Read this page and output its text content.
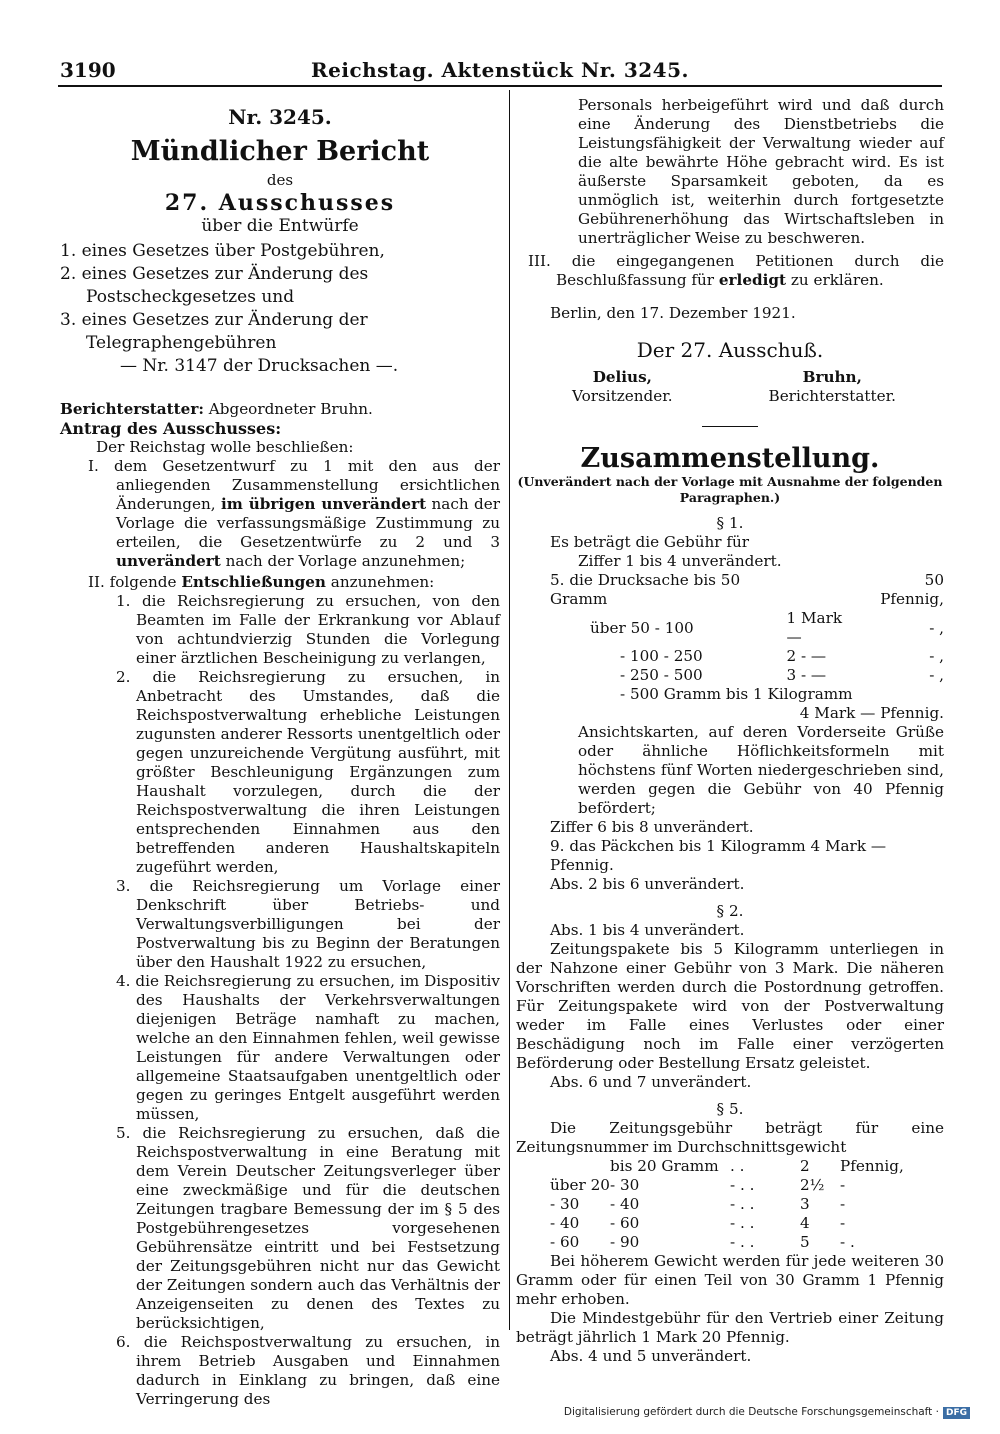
3190	Reichstag. Aktenstück Nr. 3245.
Nr. 3245.
Mündlicher Bericht
des
27. Ausschusses
über die Entwürfe
1. eines Gesetzes über Postgebühren,
2. eines Gesetzes zur Änderung des Postscheckgesetzes und
3. eines Gesetzes zur Änderung der Telegraphengebühren
— Nr. 3147 der Drucksachen —.
Berichterstatter: Abgeordneter Bruhn.
Antrag des Ausschusses:
Der Reichstag wolle beschließen:
I. dem Gesetzentwurf zu 1 mit den aus der anliegenden Zusammenstellung ersichtlichen Änderungen, im übrigen unverändert nach der Vorlage die verfassungsmäßige Zustimmung zu erteilen, die Gesetzentwürfe zu 2 und 3 unverändert nach der Vorlage anzunehmen;
II. folgende Entschließungen anzunehmen:
1. die Reichsregierung zu ersuchen, von den Beamten im Falle der Erkrankung vor Ablauf von achtundvierzig Stunden die Vorlegung einer ärztlichen Bescheinigung zu verlangen,
2. die Reichsregierung zu ersuchen, in Anbetracht des Umstandes, daß die Reichspostverwaltung erhebliche Leistungen zugunsten anderer Ressorts unentgeltlich oder gegen unzureichende Vergütung ausführt, mit größter Beschleunigung Ergänzungen zum Haushalt vorzulegen, durch die der Reichspostverwaltung die ihren Leistungen entsprechenden Einnahmen aus den betreffenden anderen Haushaltskapiteln zugeführt werden,
3. die Reichsregierung um Vorlage einer Denkschrift über Betriebs- und Verwaltungsverbilligungen bei der Postverwaltung bis zu Beginn der Beratungen über den Haushalt 1922 zu ersuchen,
4. die Reichsregierung zu ersuchen, im Dispositiv des Haushalts der Verkehrsverwaltungen diejenigen Beträge namhaft zu machen, welche an den Einnahmen fehlen, weil gewisse Leistungen für andere Verwaltungen oder allgemeine Staatsaufgaben unentgeltlich oder gegen zu geringes Entgelt ausgeführt werden müssen,
5. die Reichsregierung zu ersuchen, daß die Reichspostverwaltung in eine Beratung mit dem Verein Deutscher Zeitungsverleger über eine zweckmäßige und für die deutschen Zeitungen tragbare Bemessung der im § 5 des Postgebührengesetzes vorgesehenen Gebührensätze eintritt und bei Festsetzung der Zeitungsgebühren nicht nur das Gewicht der Zeitungen sondern auch das Verhältnis der Anzeigenseiten zu denen des Textes zu berücksichtigen,
6. die Reichspostverwaltung zu ersuchen, in ihrem Betrieb Ausgaben und Einnahmen dadurch in Einklang zu bringen, daß eine Verringerung des
Personals herbeigeführt wird und daß durch eine Änderung des Dienstbetriebs die Leistungsfähigkeit der Verwaltung wieder auf die alte bewährte Höhe gebracht wird. Es ist äußerste Sparsamkeit geboten, da es unmöglich ist, weiterhin durch fortgesetzte Gebührenerhöhung das Wirtschaftsleben in unerträglicher Weise zu beschweren.
III. die eingegangenen Petitionen durch die Beschlußfassung für erledigt zu erklären.
Berlin, den 17. Dezember 1921.
Der 27. Ausschuß.
Delius,
Vorsitzender.
Bruhn,
Berichterstatter.
Zusammenstellung.
(Unverändert nach der Vorlage mit Ausnahme der folgenden Paragraphen.)
§ 1.
Es beträgt die Gebühr für
Ziffer 1 bis 4 unverändert.
5. die Drucksache bis 50 Gramm		50 Pfennig,
über 50 - 100	1 Mark —	- ,
- 100 - 250	2 - —	- ,
- 250 - 500	3 - —	- ,
- 500 Gramm bis 1 Kilogramm		
	4 Mark — Pfennig.	
Ansichtskarten, auf deren Vorderseite Grüße oder ähnliche Höflichkeitsformeln mit höchstens fünf Worten niedergeschrieben sind, werden gegen die Gebühr von 40 Pfennig befördert;
Ziffer 6 bis 8 unverändert.
9. das Päckchen bis 1 Kilogramm 4 Mark — Pfennig.
Abs. 2 bis 6 unverändert.
§ 2.
Abs. 1 bis 4 unverändert.
Zeitungspakete bis 5 Kilogramm unterliegen in der Nahzone einer Gebühr von 3 Mark. Die näheren Vorschriften werden durch die Postordnung getroffen. Für Zeitungspakete wird von der Postverwaltung weder im Falle eines Verlustes oder einer Beschädigung noch im Falle einer verzögerten Beförderung oder Bestellung Ersatz geleistet.
Abs. 6 und 7 unverändert.
§ 5.
Die Zeitungsgebühr beträgt für eine Zeitungsnummer im Durchschnittsgewicht
	bis 20 Gramm	. .	2	Pfennig,
über 20	- 30	- . .	2½	-
- 30	- 40	- . .	3	-
- 40	- 60	- . .	4	-
- 60	- 90	- . .	5	- .
Bei höherem Gewicht werden für jede weiteren 30 Gramm oder für einen Teil von 30 Gramm 1 Pfennig mehr erhoben.
Die Mindestgebühr für den Vertrieb einer Zeitung beträgt jährlich 1 Mark 20 Pfennig.
Abs. 4 und 5 unverändert.
Digitalisierung gefördert durch die Deutsche Forschungsgemeinschaft · DFG
